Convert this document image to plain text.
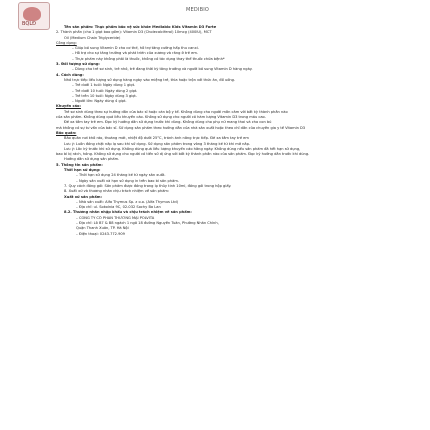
BQLĐ
MEDIBIO
Tên sản phẩm: Thực phẩm bảo vệ sức khỏe Mediabio Kids Vitamin D3 Forte
2. Thành phần (cho 1 giọt bao gồm): Vitamin D3 (Cholecalciferol) 10mcg (400IU), MCT
Oil (Medium Chain Triglyceride)
Công dụng:
– Giúp bổ sung Vitamin D cho cơ thể, hỗ trợ tăng cường hấp thu canxi.
– Hỗ trợ cho sự tăng trưởng và phát triển của xương và răng ở trẻ em.
– Thực phẩm này không phải là thuốc, không có tác dụng thay thế thuốc chữa bệnh*
3. Đối tượng sử dụng:
– Dùng cho trẻ sơ sinh, trẻ nhỏ, trẻ đang thời kỳ tăng trưởng và người bổ sung Vitamin D hàng ngày.
4. Cách dùng:
Nhỏ trực tiếp liều lượng sử dụng hàng ngày vào miệng trẻ, thìa hoặc trộn với thức ăn, đồ uống.
– Trẻ dưới 1 tuổi: Ngày dùng 1 giọt.
– Trẻ dưới 10 tuổi: Ngày dùng 2 giọt.
– Trẻ trên 10 tuổi: Ngày dùng 3 giọt.
– Người lớn: Ngày dùng 4 giọt.
Khuyến cáo:
Trẻ sơ sinh dùng theo sự hướng dẫn của bác sĩ hoặc cán bộ y tế. Không dùng cho người mẫn cảm với bất kỳ thành phần nào
của sản phẩm. Không dùng quá liều khuyến cáo. Không sử dụng cho người có hàm lượng Vitamin D3 trong máu cao.
Để xa tầm tay trẻ em. Đọc kỹ hướng dẫn sử dụng trước khi dùng. Không dùng cho phụ nữ mang thai và cho con bú
mà không có sự tư vấn của bác sĩ. Sử dụng sản phẩm theo hướng dẫn của nhà sản xuất hoặc theo chỉ dẫn của chuyên gia y tế Vitamin D3
Bảo quản:
Bảo quản nơi khô ráo, thoáng mát, nhiệt độ dưới 25°C, tránh ánh nắng trực tiếp. Để xa tầm tay trẻ em
Lưu ý: Luôn đóng chặt nắp lọ sau khi sử dụng. Sử dụng sản phẩm trong vòng 3 tháng kể từ khi mở nắp.
Lưu ý: Lắc kỹ trước khi sử dụng. Không dùng quá liều lượng khuyến cáo hằng ngày. Không dùng nếu sản phẩm đã hết hạn sử dụng,
bao bì bị rách, hỏng. Không sử dụng cho người có tiền sử dị ứng với bất kỳ thành phần nào của sản phẩm. Đọc kỹ hướng dẫn trước khi dùng.
Hướng dẫn sử dụng sản phẩm.
5. Thông tin sản phẩm:
Thời hạn sử dụng:
– Thời hạn sử dụng 24 tháng kể từ ngày sản xuất.
– Ngày sản xuất và hạn sử dụng in trên bao bì sản phẩm.
7. Quy cách đóng gói: Sản phẩm được đóng trong lọ thủy tinh 10ml, đóng gói trong hộp giấy.
8. Xuất xứ và thương nhân chịu trách nhiệm về sản phẩm:
Xuất xứ sản phẩm:
– Nhà sản xuất: Alfa Thymus Sp. z o.o. (Alfa Thymus Ltd)
– Địa chỉ: ul. Sokolnia 9C, 02-032 Sochy Ba Lan
8.2. Thương nhân nhập khẩu và chịu trách nhiệm về sản phẩm:
– CÔNG TY CỔ PHẦN THƯƠNG MẠI POLVITA
– Địa chỉ: Lô B7 & B8 ngách 1 ngõ 18 đường Nguyễn Tuân, Phường Nhân Chính,
Quận Thanh Xuân, TP. Hà Nội
– Điện thoại: 0243.772.909
